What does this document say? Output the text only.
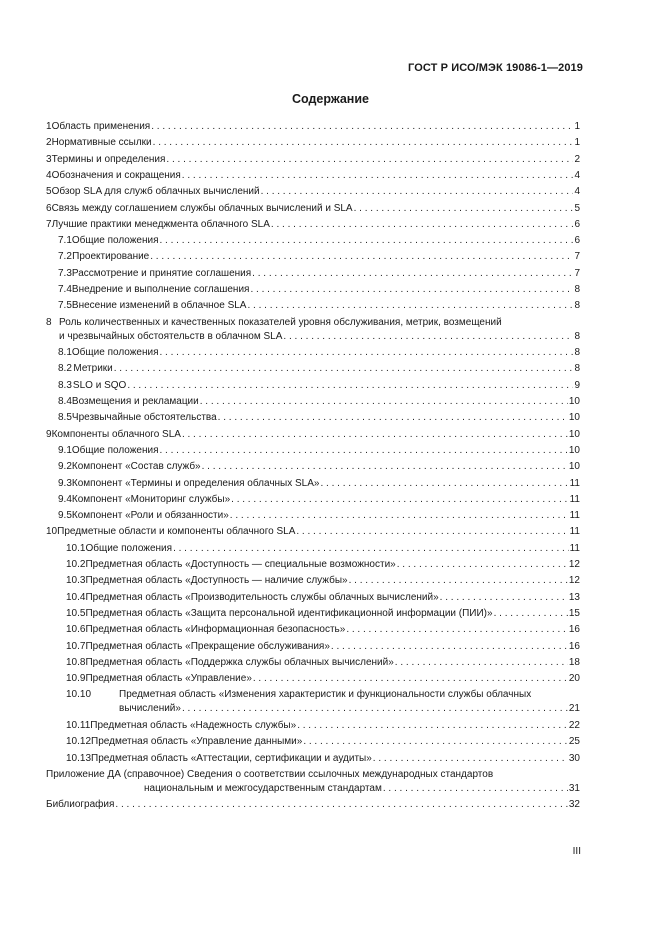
ГОСТ Р ИСО/МЭК 19086-1—2019
Содержание
1 Область применения . . .	1
2 Нормативные ссылки . . .	1
3 Термины и определения . . .	2
4 Обозначения и сокращения . . .	4
5 Обзор SLA для служб облачных вычислений . . .	4
6 Связь между соглашением службы облачных вычислений и SLA . . .	5
7 Лучшие практики менеджмента облачного SLA . . .	6
7.1 Общие положения . . .	6
7.2 Проектирование . . .	7
7.3 Рассмотрение и принятие соглашения . . .	7
7.4 Внедрение и выполнение соглашения . . .	8
7.5 Внесение изменений в облачное SLA . . .	8
8 Роль количественных и качественных показателей уровня обслуживания, метрик, возмещений
и чрезвычайных обстоятельств в облачном SLA . . .	8
8.1 Общие положения . . .	8
8.2 Метрики . . .	8
8.3 SLO и SQO . . .	9
8.4 Возмещения и рекламации . . .	10
8.5 Чрезвычайные обстоятельства . . .	10
9 Компоненты облачного SLA . . .	10
9.1 Общие положения . . .	10
9.2 Компонент «Состав служб» . . .	10
9.3 Компонент «Термины и определения облачных SLA» . . .	11
9.4 Компонент «Мониторинг службы» . . .	11
9.5 Компонент «Роли и обязанности» . . .	11
10 Предметные области и компоненты облачного SLA . . .	11
10.1 Общие положения . . .	11
10.2 Предметная область «Доступность — специальные возможности» . . .	12
10.3 Предметная область «Доступность — наличие службы» . . .	12
10.4 Предметная область «Производительность службы облачных вычислений» . . .	13
10.5 Предметная область «Защита персональной идентификационной информации (ПИИ)» . . .	15
10.6 Предметная область «Информационная безопасность» . . .	16
10.7 Предметная область «Прекращение обслуживания» . . .	16
10.8 Предметная область «Поддержка службы облачных вычислений» . . .	18
10.9 Предметная область «Управление» . . .	20
10.10	Предметная область «Изменения характеристик и функциональности службы облачных
вычислений» . . .	21
10.11 Предметная область «Надежность службы» . . .	22
10.12 Предметная область «Управление данными» . . .	25
10.13 Предметная область «Аттестации, сертификации и аудиты» . . .	30
Приложение ДА (справочное) Сведения о соответствии ссылочных международных стандартов
национальным и межгосударственным стандартам . . .	31
Библиография . . .	32
III
